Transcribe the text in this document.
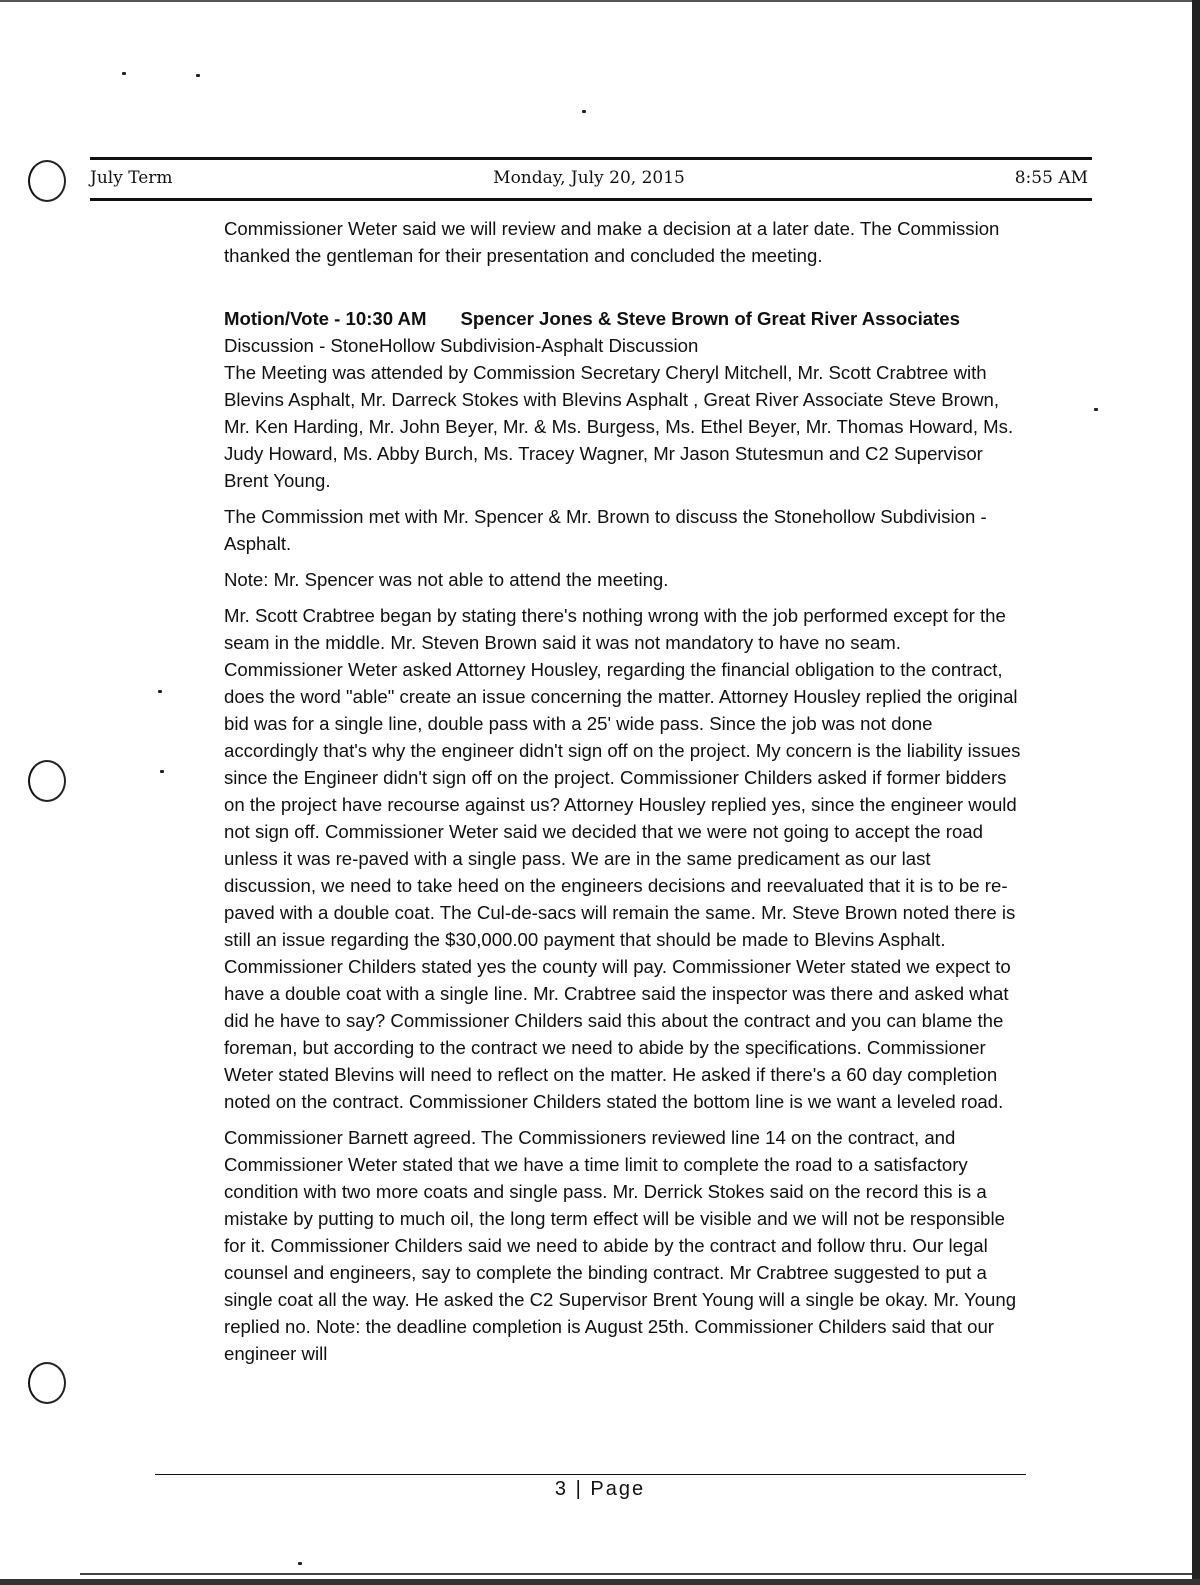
July Term	Monday, July 20, 2015	8:55 AM

Commissioner Weter said we will review and make a decision at a later date. The Commission thanked the gentleman for their presentation and concluded the meeting.

Motion/Vote - 10:30 AM Spencer Jones & Steve Brown of Great River Associates
Discussion - StoneHollow Subdivision-Asphalt Discussion
The Meeting was attended by Commission Secretary Cheryl Mitchell, Mr. Scott Crabtree with Blevins Asphalt, Mr. Darreck Stokes with Blevins Asphalt , Great River Associate Steve Brown, Mr. Ken Harding, Mr. John Beyer, Mr. & Ms. Burgess, Ms. Ethel Beyer, Mr. Thomas Howard, Ms. Judy Howard, Ms. Abby Burch, Ms. Tracey Wagner, Mr Jason Stutesmun and C2 Supervisor Brent Young.

The Commission met with Mr. Spencer & Mr. Brown to discuss the Stonehollow Subdivision - Asphalt.

Note: Mr. Spencer was not able to attend the meeting.

Mr. Scott Crabtree began by stating there's nothing wrong with the job performed except for the seam in the middle. Mr. Steven Brown said it was not mandatory to have no seam. Commissioner Weter asked Attorney Housley, regarding the financial obligation to the contract, does the word "able" create an issue concerning the matter. Attorney Housley replied the original bid was for a single line, double pass with a 25' wide pass. Since the job was not done accordingly that's why the engineer didn't sign off on the project. My concern is the liability issues since the Engineer didn't sign off on the project. Commissioner Childers asked if former bidders on the project have recourse against us? Attorney Housley replied yes, since the engineer would not sign off. Commissioner Weter said we decided that we were not going to accept the road unless it was re-paved with a single pass. We are in the same predicament as our last discussion, we need to take heed on the engineers decisions and reevaluated that it is to be re-paved with a double coat. The Cul-de-sacs will remain the same. Mr. Steve Brown noted there is still an issue regarding the $30,000.00 payment that should be made to Blevins Asphalt. Commissioner Childers stated yes the county will pay. Commissioner Weter stated we expect to have a double coat with a single line. Mr. Crabtree said the inspector was there and asked what did he have to say? Commissioner Childers said this about the contract and you can blame the foreman, but according to the contract we need to abide by the specifications. Commissioner Weter stated Blevins will need to reflect on the matter. He asked if there's a 60 day completion noted on the contract. Commissioner Childers stated the bottom line is we want a leveled road.

Commissioner Barnett agreed. The Commissioners reviewed line 14 on the contract, and Commissioner Weter stated that we have a time limit to complete the road to a satisfactory condition with two more coats and single pass. Mr. Derrick Stokes said on the record this is a mistake by putting to much oil, the long term effect will be visible and we will not be responsible for it. Commissioner Childers said we need to abide by the contract and follow thru. Our legal counsel and engineers, say to complete the binding contract. Mr Crabtree suggested to put a single coat all the way. He asked the C2 Supervisor Brent Young will a single be okay. Mr. Young replied no. Note: the deadline completion is August 25th. Commissioner Childers said that our engineer will

3 | Page
